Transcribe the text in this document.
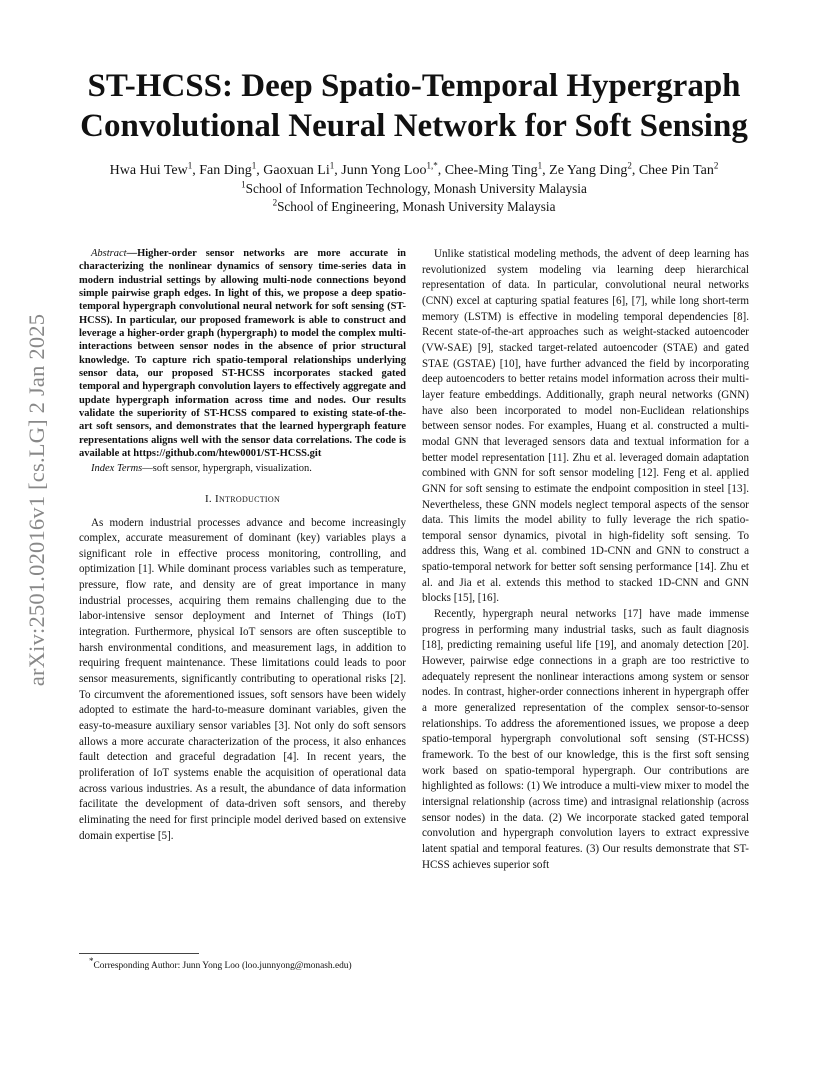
arXiv:2501.02016v1 [cs.LG] 2 Jan 2025
ST-HCSS: Deep Spatio-Temporal Hypergraph
Convolutional Neural Network for Soft Sensing
Hwa Hui Tew$^1$, Fan Ding$^1$, Gaoxuan Li$^1$, Junn Yong Loo$^{1,*}$, Chee-Ming Ting$^1$, Ze Yang Ding$^2$, Chee Pin Tan$^2$
$^1$School of Information Technology, Monash University Malaysia
$^2$School of Engineering, Monash University Malaysia

Abstract—Higher-order sensor networks are more accurate in characterizing the nonlinear dynamics of sensory time-series data in modern industrial settings by allowing multi-node connections beyond simple pairwise graph edges. In light of this, we propose a deep spatio-temporal hypergraph convolutional neural network for soft sensing (ST-HCSS). In particular, our proposed framework is able to construct and leverage a higher-order graph (hypergraph) to model the complex multi-interactions between sensor nodes in the absence of prior structural knowledge. To capture rich spatio-temporal relationships underlying sensor data, our proposed ST-HCSS incorporates stacked gated temporal and hypergraph convolution layers to effectively aggregate and update hypergraph information across time and nodes. Our results validate the superiority of ST-HCSS compared to existing state-of-the-art soft sensors, and demonstrates that the learned hypergraph feature representations aligns well with the sensor data correlations. The code is available at https://github.com/htew0001/ST-HCSS.git

Index Terms—soft sensor, hypergraph, visualization.

I. Introduction

As modern industrial processes advance and become increasingly complex, accurate measurement of dominant (key) variables plays a significant role in effective process monitoring, controlling, and optimization [1]. While dominant process variables such as temperature, pressure, flow rate, and density are of great importance in many industrial processes, acquiring them remains challenging due to the labor-intensive sensor deployment and Internet of Things (IoT) integration. Furthermore, physical IoT sensors are often susceptible to harsh environmental conditions, and measurement lags, in addition to requiring frequent maintenance. These limitations could leads to poor sensor measurements, significantly contributing to operational risks [2]. To circumvent the aforementioned issues, soft sensors have been widely adopted to estimate the hard-to-measure dominant variables, given the easy-to-measure auxiliary sensor variables [3]. Not only do soft sensors allows a more accurate characterization of the process, it also enhances fault detection and graceful degradation [4]. In recent years, the proliferation of IoT systems enable the acquisition of operational data across various industries. As a result, the abundance of data information facilitate the development of data-driven soft sensors, and thereby eliminating the need for first principle model derived based on extensive domain expertise [5].

Unlike statistical modeling methods, the advent of deep learning has revolutionized system modeling via learning deep hierarchical representation of data. In particular, convolutional neural networks (CNN) excel at capturing spatial features [6], [7], while long short-term memory (LSTM) is effective in modeling temporal dependencies [8]. Recent state-of-the-art approaches such as weight-stacked autoencoder (VW-SAE) [9], stacked target-related autoencoder (STAE) and gated STAE (GSTAE) [10], have further advanced the field by incorporating deep autoencoders to better retains model information across their multi-layer feature embeddings. Additionally, graph neural networks (GNN) have also been incorporated to model non-Euclidean relationships between sensor nodes. For examples, Huang et al. constructed a multi-modal GNN that leveraged sensors data and textual information for a better model representation [11]. Zhu et al. leveraged domain adaptation combined with GNN for soft sensor modeling [12]. Feng et al. applied GNN for soft sensing to estimate the endpoint composition in steel [13]. Nevertheless, these GNN models neglect temporal aspects of the sensor data. This limits the model ability to fully leverage the rich spatio-temporal sensor dynamics, pivotal in high-fidelity soft sensing. To address this, Wang et al. combined 1D-CNN and GNN to construct a spatio-temporal network for better soft sensing performance [14]. Zhu et al. and Jia et al. extends this method to stacked 1D-CNN and GNN blocks [15], [16].

Recently, hypergraph neural networks [17] have made immense progress in performing many industrial tasks, such as fault diagnosis [18], predicting remaining useful life [19], and anomaly detection [20]. However, pairwise edge connections in a graph are too restrictive to adequately represent the nonlinear interactions among system or sensor nodes. In contrast, higher-order connections inherent in hypergraph offer a more generalized representation of the complex sensor-to-sensor relationships. To address the aforementioned issues, we propose a deep spatio-temporal hypergraph convolutional soft sensing (ST-HCSS) framework. To the best of our knowledge, this is the first soft sensing work based on spatio-temporal hypergraph. Our contributions are highlighted as follows: (1) We introduce a multi-view mixer to model the intersignal relationship (across time) and intrasignal relationship (across sensor nodes) in the data. (2) We incorporate stacked gated temporal convolution and hypergraph convolution layers to extract expressive latent spatial and temporal features. (3) Our results demonstrate that ST-HCSS achieves superior soft

*Corresponding Author: Junn Yong Loo (loo.junnyong@monash.edu)
